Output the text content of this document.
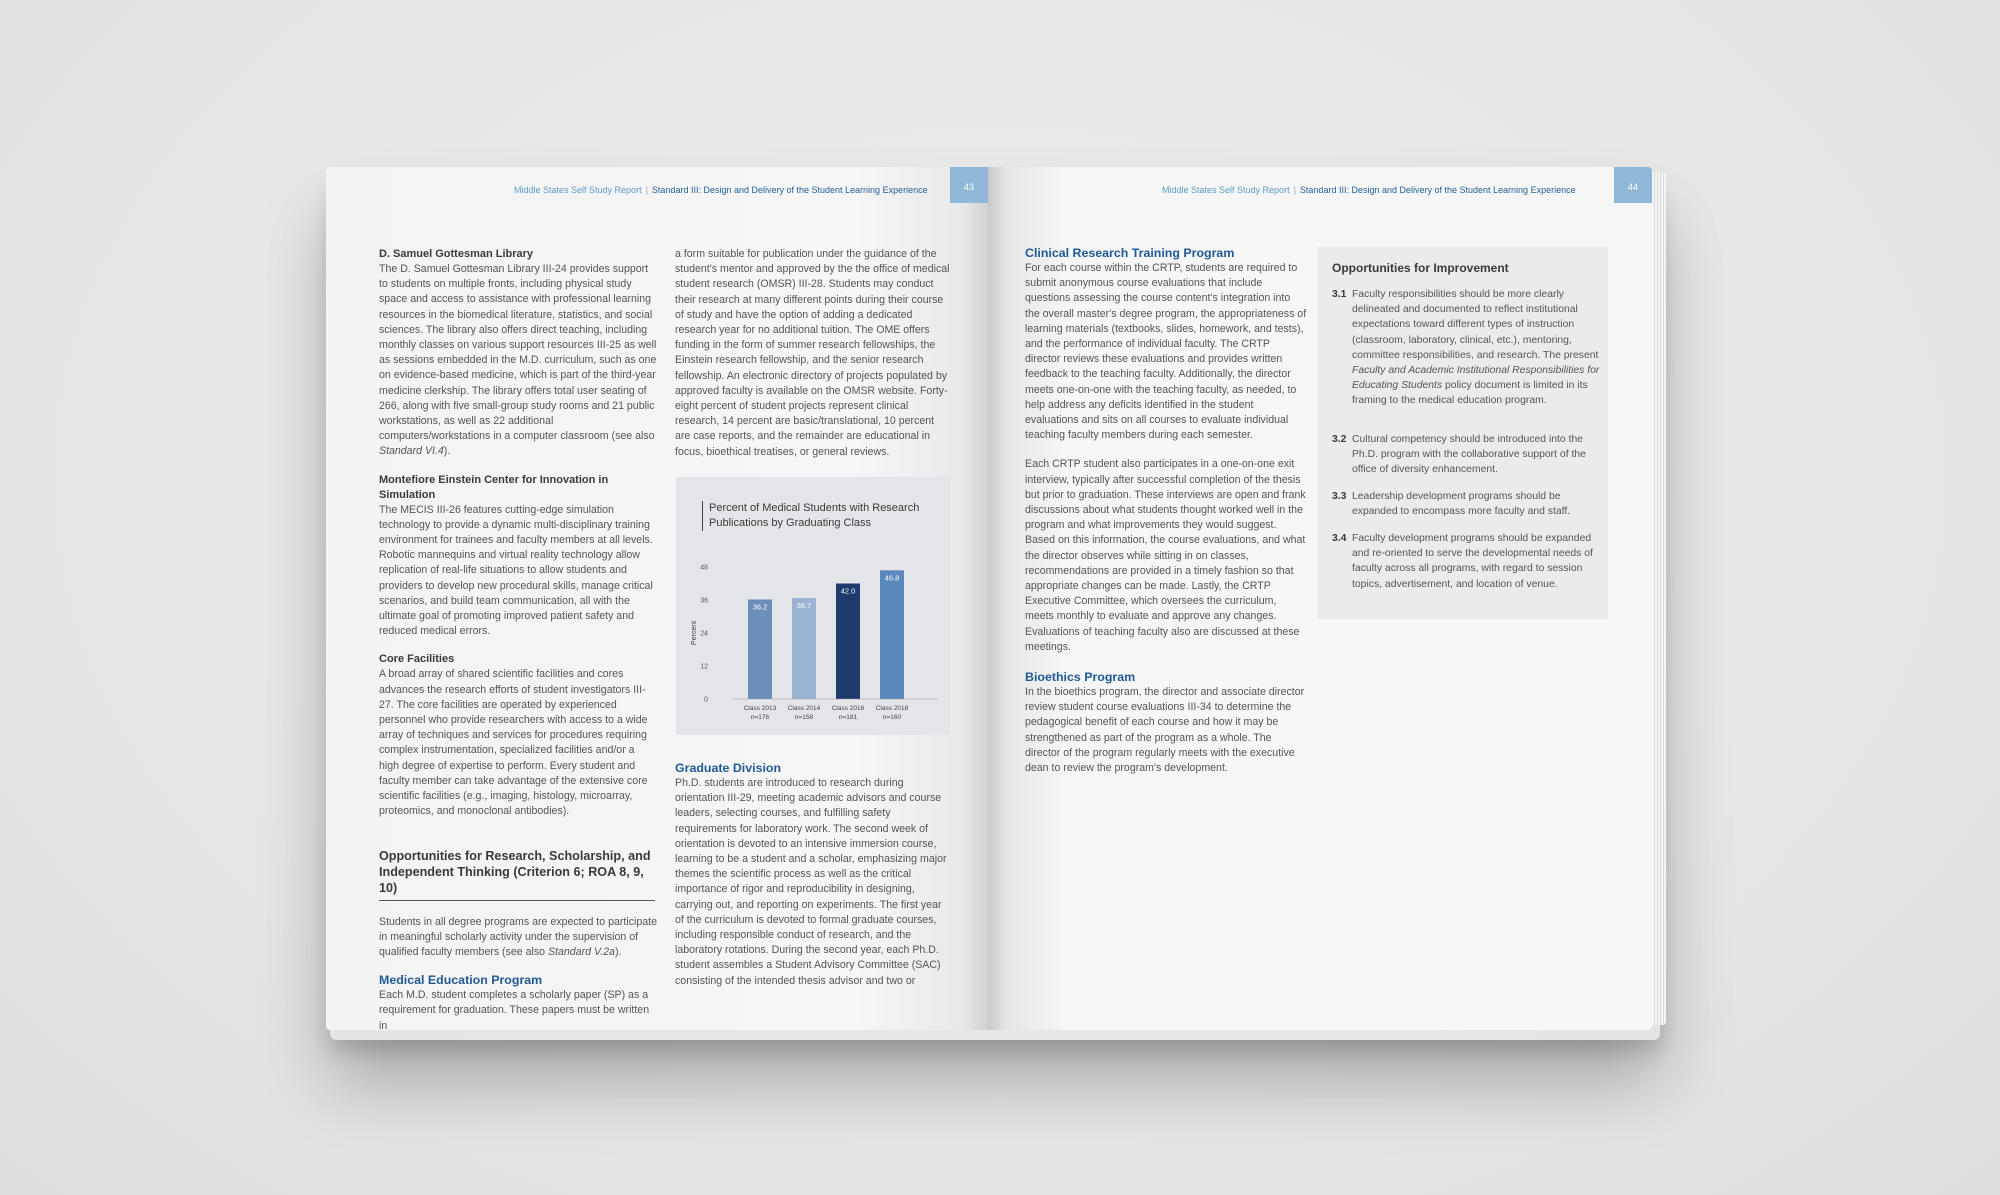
Middle States Self Study Report | Standard III: Design and Delivery of the Student Learning Experience	43
D. Samuel Gottesman Library

The D. Samuel Gottesman Library III-24 provides support to students on multiple fronts, including physical study space and access to assistance with professional learning resources in the biomedical literature, statistics, and social sciences. The library also offers direct teaching, including monthly classes on various support resources III-25 as well as sessions embedded in the M.D. curriculum, such as one on evidence-based medicine, which is part of the third-year medicine clerkship. The library offers total user seating of 266, along with five small-group study rooms and 21 public workstations, as well as 22 additional computers/workstations in a computer classroom (see also Standard VI.4).

Montefiore Einstein Center for Innovation in Simulation

The MECIS III-26 features cutting-edge simulation technology to provide a dynamic multi-disciplinary training environment for trainees and faculty members at all levels. Robotic mannequins and virtual reality technology allow replication of real-life situations to allow students and providers to develop new procedural skills, manage critical scenarios, and build team communication, all with the ultimate goal of promoting improved patient safety and reduced medical errors.

Core Facilities

A broad array of shared scientific facilities and cores advances the research efforts of student investigators III-27. The core facilities are operated by experienced personnel who provide researchers with access to a wide array of techniques and services for procedures requiring complex instrumentation, specialized facilities and/or a high degree of expertise to perform. Every student and faculty member can take advantage of the extensive core scientific facilities (e.g., imaging, histology, microarray, proteomics, and monoclonal antibodies).

Opportunities for Research, Scholarship, and Independent Thinking (Criterion 6; ROA 8, 9, 10)

Students in all degree programs are expected to participate in meaningful scholarly activity under the supervision of qualified faculty members (see also Standard V.2a).

Medical Education Program

Each M.D. student completes a scholarly paper (SP) as a requirement for graduation. These papers must be written in

a form suitable for publication under the guidance of the student's mentor and approved by the the office of medical student research (OMSR) III-28. Students may conduct their research at many different points during their course of study and have the option of adding a dedicated research year for no additional tuition. The OME offers funding in the form of summer research fellowships, the Einstein research fellowship, and the senior research fellowship. An electronic directory of projects populated by approved faculty is available on the OMSR website. Forty-eight percent of student projects represent clinical research, 14 percent are basic/translational, 10 percent are case reports, and the remainder are educational in focus, bioethical treatises, or general reviews.

Percent of Medical Students with Research Publications by Graduating Class
Percent
0
12
24
36
48
36.2
Class 2013
n=176
36.7
Class 2014
n=158
42.0
Class 2016
n=181
46.8
Class 2018
n=160
Graduate Division

Ph.D. students are introduced to research during orientation III-29, meeting academic advisors and course leaders, selecting courses, and fulfilling safety requirements for laboratory work. The second week of orientation is devoted to an intensive immersion course, learning to be a student and a scholar, emphasizing major themes the scientific process as well as the critical importance of rigor and reproducibility in designing, carrying out, and reporting on experiments. The first year of the curriculum is devoted to formal graduate courses, including responsible conduct of research, and the laboratory rotations. During the second year, each Ph.D. student assembles a Student Advisory Committee (SAC) consisting of the intended thesis advisor and two or

Middle States Self Study Report | Standard III: Design and Delivery of the Student Learning Experience	44
Clinical Research Training Program

For each course within the CRTP, students are required to submit anonymous course evaluations that include questions assessing the course content's integration into the overall master's degree program, the appropriateness of learning materials (textbooks, slides, homework, and tests), and the performance of individual faculty. The CRTP director reviews these evaluations and provides written feedback to the teaching faculty. Additionally, the director meets one-on-one with the teaching faculty, as needed, to help address any deficits identified in the student evaluations and sits on all courses to evaluate individual teaching faculty members during each semester.

Each CRTP student also participates in a one-on-one exit interview, typically after successful completion of the thesis but prior to graduation. These interviews are open and frank discussions about what students thought worked well in the program and what improvements they would suggest. Based on this information, the course evaluations, and what the director observes while sitting in on classes, recommendations are provided in a timely fashion so that appropriate changes can be made. Lastly, the CRTP Executive Committee, which oversees the curriculum, meets monthly to evaluate and approve any changes. Evaluations of teaching faculty also are discussed at these meetings.

Bioethics Program

In the bioethics program, the director and associate director review student course evaluations III-34 to determine the pedagogical benefit of each course and how it may be strengthened as part of the program as a whole. The director of the program regularly meets with the executive dean to review the program's development.

Opportunities for Improvement
3.1 Faculty responsibilities should be more clearly delineated and documented to reflect institutional expectations toward different types of instruction (classroom, laboratory, clinical, etc.), mentoring, committee responsibilities, and research. The present Faculty and Academic Institutional Responsibilities for Educating Students policy document is limited in its framing to the medical education program.
3.2 Cultural competency should be introduced into the Ph.D. program with the collaborative support of the office of diversity enhancement.
3.3 Leadership development programs should be expanded to encompass more faculty and staff.
3.4 Faculty development programs should be expanded and re-oriented to serve the developmental needs of faculty across all programs, with regard to session topics, advertisement, and location of venue.
